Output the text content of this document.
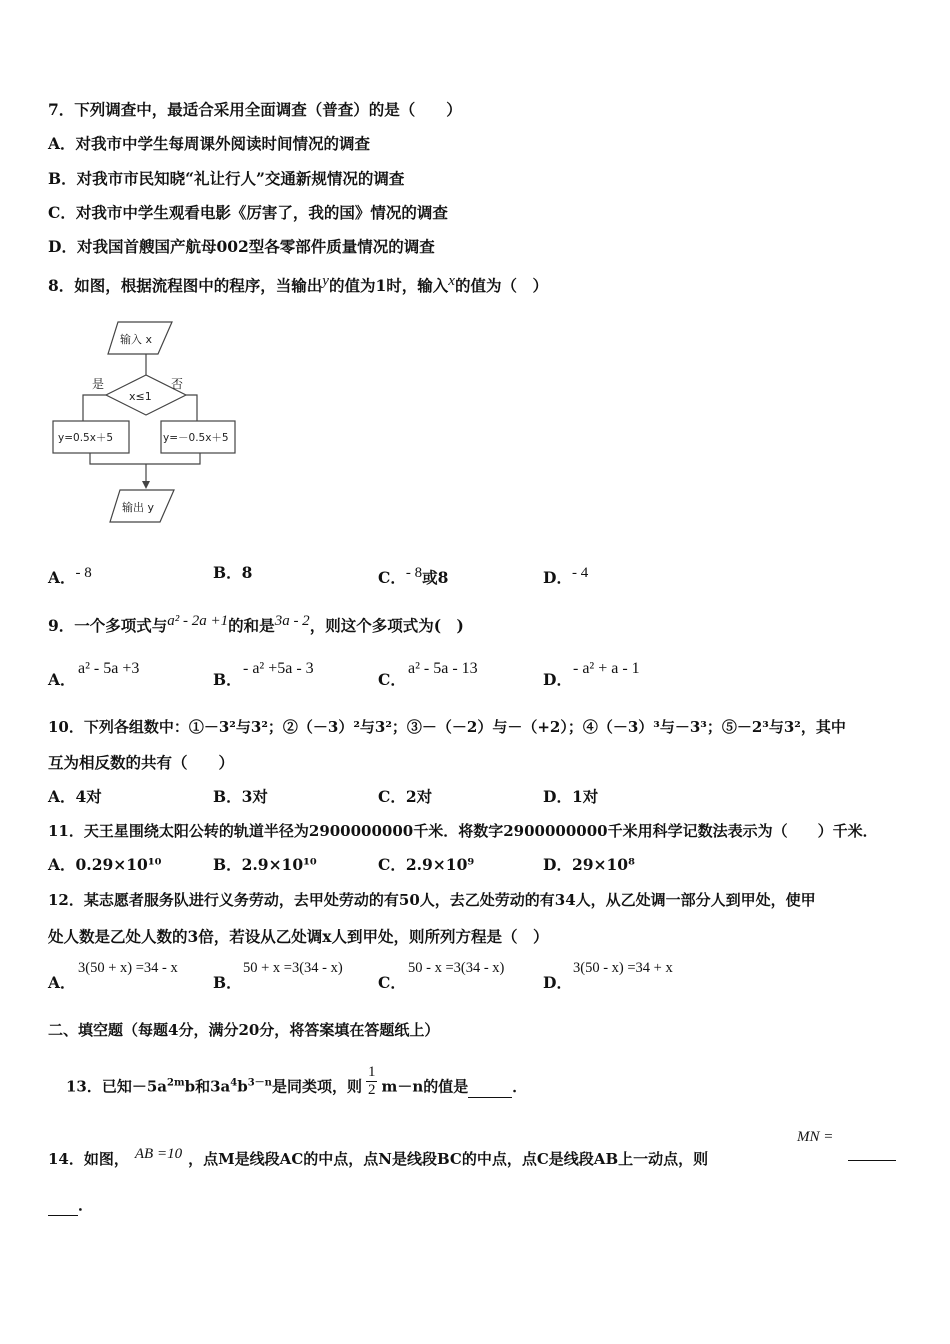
7．下列调查中，最适合采用全面调查（普查）的是（　　）
A．对我市中学生每周课外阅读时间情况的调查
B．对我市市民知晓“礼让行人”交通新规情况的调查
C．对我市中学生观看电影《厉害了，我的国》情况的调查
D．对我国首艘国产航母002型各零部件质量情况的调查
8．如图，根据流程图中的程序，当输出$^y$的值为1时，输入$^x$的值为（　）
输入 x
x≤1
是	否
y=0.5x＋5	y=－0.5x＋5
输出 y
A．$^{- 8}$	B．8	C．$^{- 8}$或8	D．$^{- 4}$
9．一个多项式与$^{a^2 - 2a +1}$的和是$^{3a - 2}$，则这个多项式为(　)
A．
a² - 5a +3
B．
- a² +5a - 3
C．
a² - 5a - 13
D．
- a² + a - 1
10．下列各组数中：①－3²与3²；②（－3）²与3²；③－（－2）与－（+2）；④（－3）³与－3³；⑤－2³与3²，其中
互为相反数的共有（　　）
A．4对	B．3对	C．2对	D．1对
11．天王星围绕太阳公转的轨道半径为2900000000千米．将数字2900000000千米用科学记数法表示为（　　）千米．
A．0.29×10¹⁰	B．2.9×10¹⁰	C．2.9×10⁹	D．29×10⁸
12．某志愿者服务队进行义务劳动，去甲处劳动的有50人，去乙处劳动的有34人，从乙处调一部分人到甲处，使甲
处人数是乙处人数的3倍，若设从乙处调x人到甲处，则所列方程是（　）
A．
3(50 + x) =34 - x
B．
50 + x =3(34 - x)
C．
50 - x =3(34 - x)
D．
3(50 - x) =34 + x
二、填空题（每题4分，满分20分，将答案填在答题纸上）
13．已知$-5a^{2m}b$和$3a^4b^{3-n}$是同类项，则 $\frac{1}{2} m-n$的值是	．
14．如图， $^{AB =10}$ ，点M是线段AC的中点，点N是线段BC的中点，点C是线段AB上一动点，则
MN =
．
